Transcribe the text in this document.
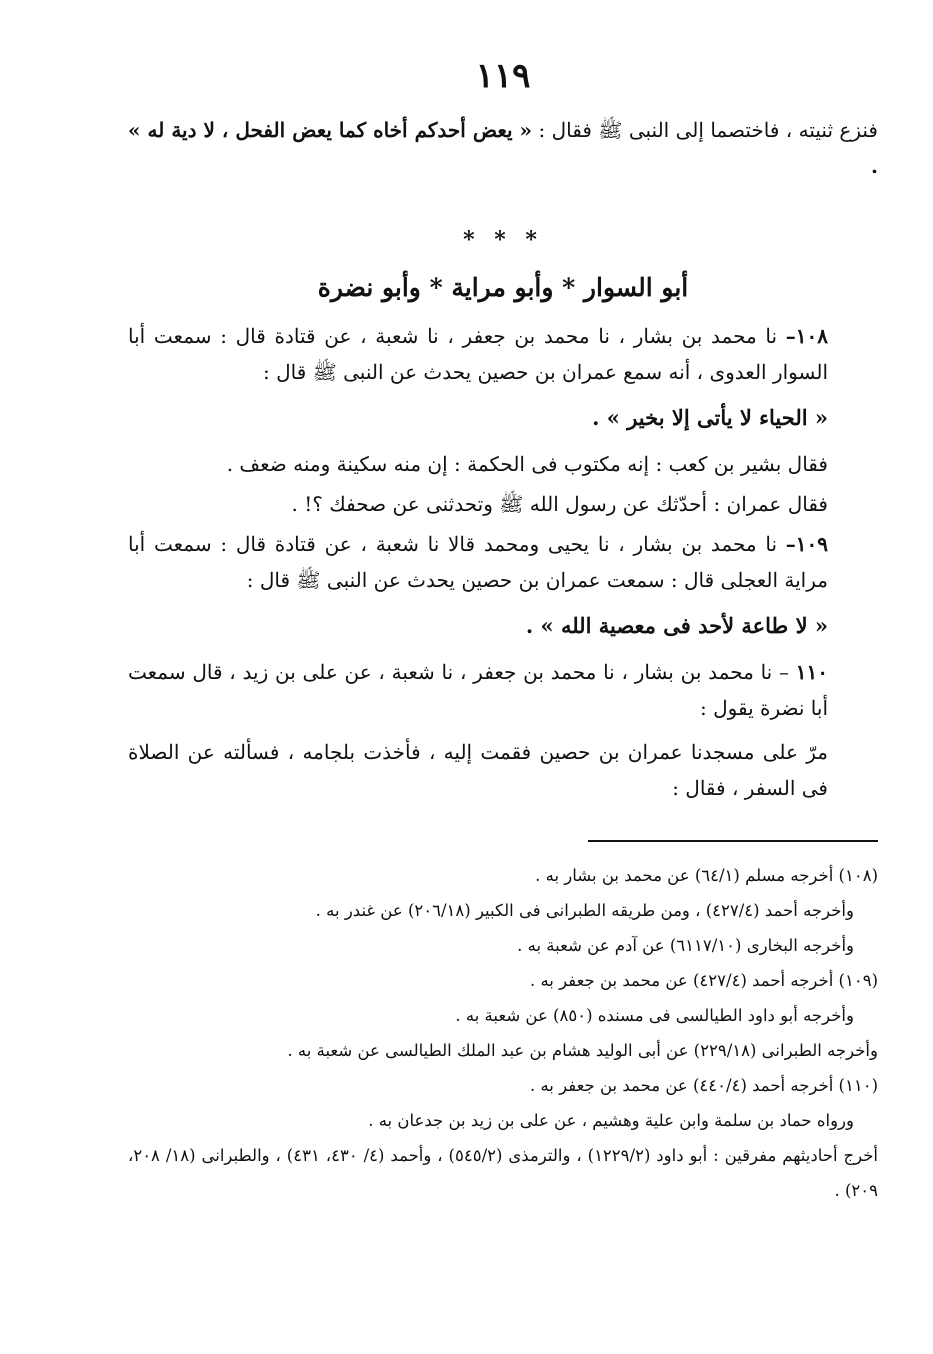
١١٩

فنزع ثنيته ، فاختصما إلى النبى ﷺ فقال : « يعض أحدكم أخاه كما يعض الفحل ، لا دية له » .

* * *
أبو السوار * وأبو مراية * وأبو نضرة

١٠٨– نا محمد بن بشار ، نا محمد بن جعفر ، نا شعبة ، عن قتادة قال : سمعت أبا السوار العدوى ، أنه سمع عمران بن حصين يحدث عن النبى ﷺ قال :

« الحياء لا يأتى إلا بخير » .

فقال بشير بن كعب : إنه مكتوب فى الحكمة : إن منه سكينة ومنه ضعف .

فقال عمران : أحدّثك عن رسول الله ﷺ وتحدثنى عن صحفك ؟! .

١٠٩– نا محمد بن بشار ، نا يحيى ومحمد قالا نا شعبة ، عن قتادة قال : سمعت أبا مراية العجلى قال : سمعت عمران بن حصين يحدث عن النبى ﷺ قال :

« لا طاعة لأحد فى معصية الله » .

١١٠ – نا محمد بن بشار ، نا محمد بن جعفر ، نا شعبة ، عن على بن زيد ، قال سمعت أبا نضرة يقول :

مرّ على مسجدنا عمران بن حصين فقمت إليه ، فأخذت بلجامه ، فسألته عن الصلاة فى السفر ، فقال :

(١٠٨) أخرجه مسلم (٦٤/١) عن محمد بن بشار به .

وأخرجه أحمد (٤٢٧/٤) ، ومن طريقه الطبرانى فى الكبير (٢٠٦/١٨) عن غندر به .

وأخرجه البخارى (٦١١٧/١٠) عن آدم عن شعبة به .

(١٠٩) أخرجه أحمد (٤٢٧/٤) عن محمد بن جعفر به .

وأخرجه أبو داود الطيالسى فى مسنده (٨٥٠) عن شعبة به .

وأخرجه الطبرانى (٢٢٩/١٨) عن أبى الوليد هشام بن عبد الملك الطيالسى عن شعبة به .

(١١٠) أخرجه أحمد (٤٤٠/٤) عن محمد بن جعفر به .

ورواه حماد بن سلمة وابن علية وهشيم ، عن على بن زيد بن جدعان به .

أخرج أحاديثهم مفرقين : أبو داود (١٢٢٩/٢) ، والترمذى (٥٤٥/٢) ، وأحمد (٤/ ٤٣٠، ٤٣١) ، والطبرانى (١٨/ ٢٠٨، ٢٠٩) .
